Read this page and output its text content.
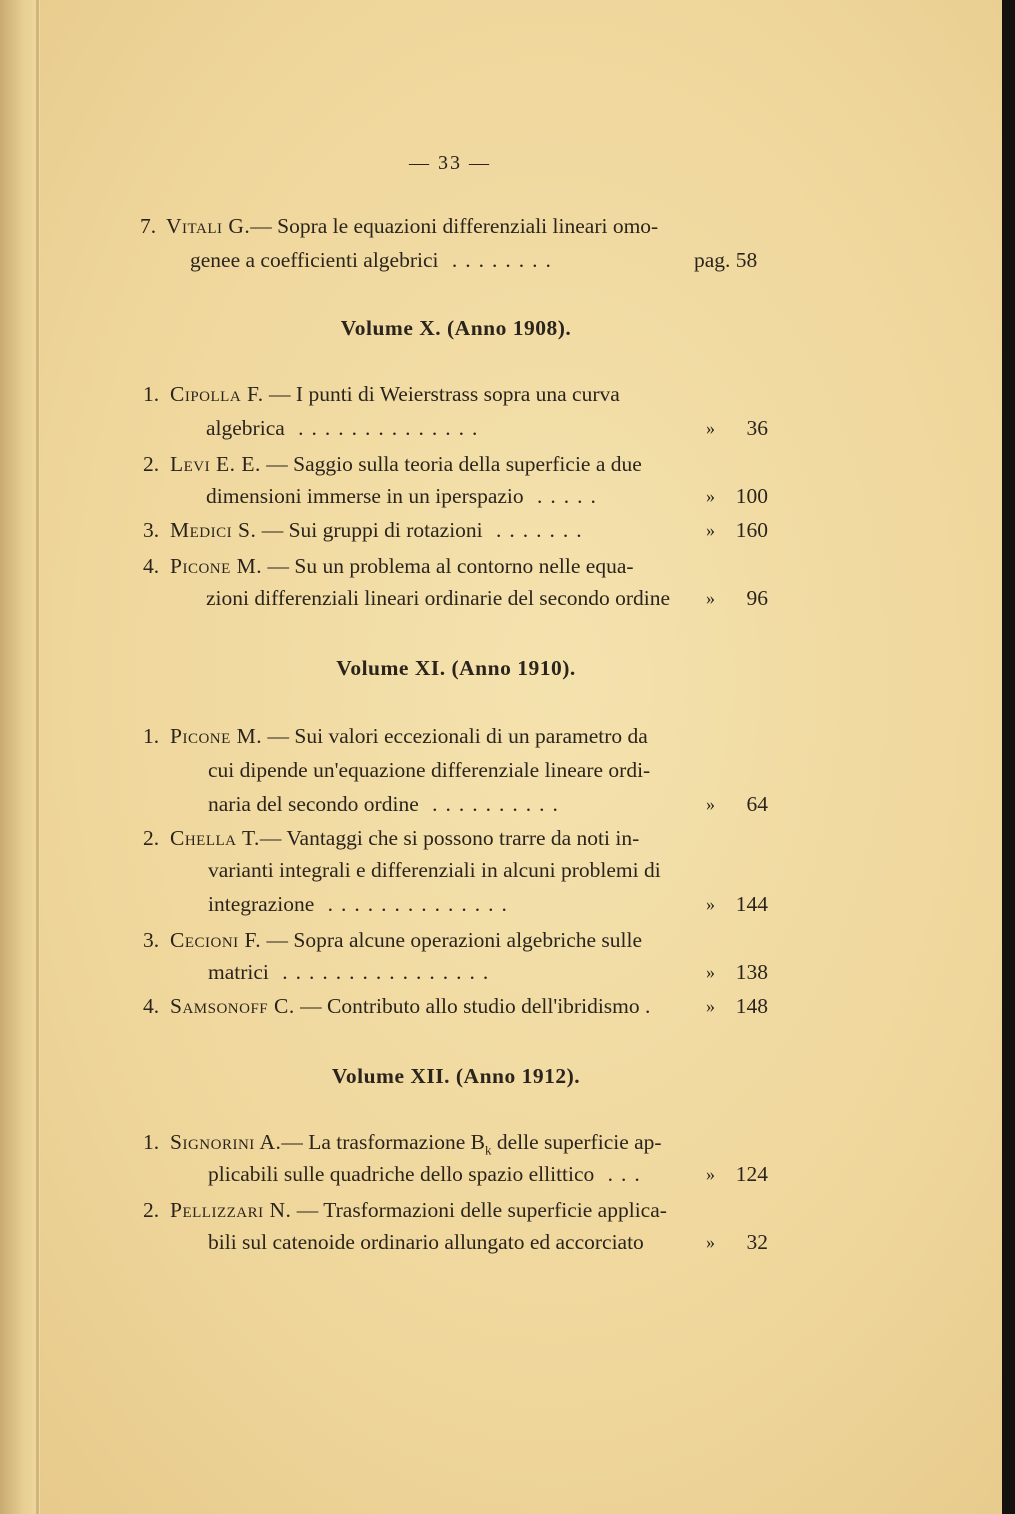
— 33 —
7. Vitali G.— Sopra le equazioni differenziali lineari omo-
genee a coefficienti algebrici ........	pag. 58
Volume X. (Anno 1908).
1. Cipolla F. — I punti di Weierstrass sopra una curva
algebrica ..............	»	36
2. Levi E. E. — Saggio sulla teoria della superficie a due
dimensioni immerse in un iperspazio .....	» 100
3. Medici S. — Sui gruppi di rotazioni .......	» 160
4. Picone M. — Su un problema al contorno nelle equa-
zioni differenziali lineari ordinarie del secondo ordine »	96
Volume XI. (Anno 1910).
1. Picone M. — Sui valori eccezionali di un parametro da
cui dipende un'equazione differenziale lineare ordi-
naria del secondo ordine ..........	»	64
2. Chella T.— Vantaggi che si possono trarre da noti in-
varianti integrali e differenziali in alcuni problemi di
integrazione ..............	» 144
3. Cecioni F. — Sopra alcune operazioni algebriche sulle
matrici ................	» 138
4. Samsonoff C. — Contributo allo studio dell'ibridismo .	» 148
Volume XII. (Anno 1912).
1. Signorini A.— La trasformazione $B_k$ delle superficie ap-
plicabili sulle quadriche dello spazio ellittico ...	» 124
2. Pellizzari N. — Trasformazioni delle superficie applica-
bili sul catenoide ordinario allungato ed accorciato	»	32
